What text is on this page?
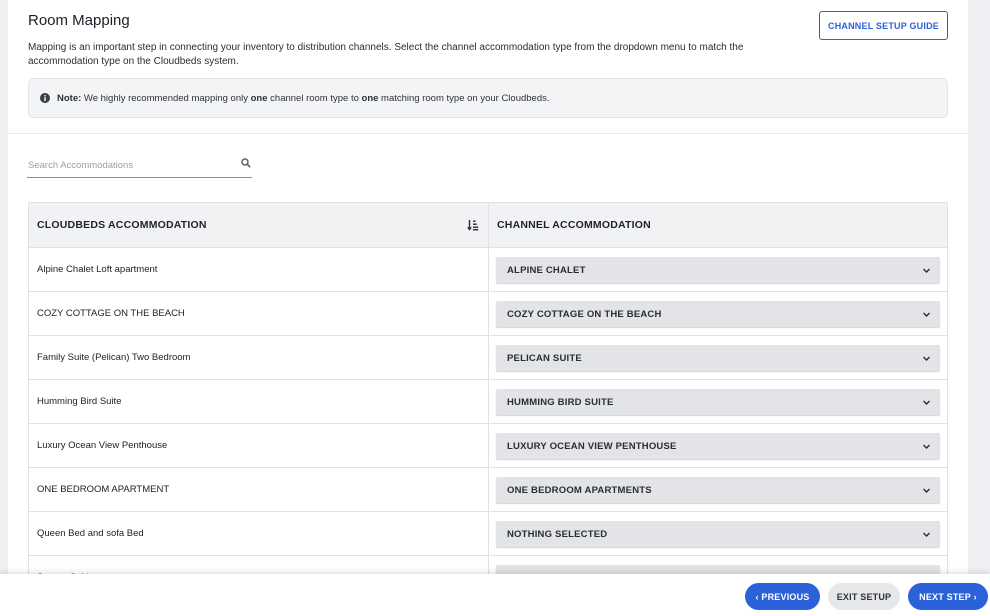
Room Mapping
Mapping is an important step in connecting your inventory to distribution channels. Select the channel accommodation type from the dropdown menu to match the accommodation type on the Cloudbeds system.
CHANNEL SETUP GUIDE
Note: We highly recommended mapping only one channel room type to one matching room type on your Cloudbeds.
Search Accommodations
CLOUDBEDS ACCOMMODATION	CHANNEL ACCOMMODATION
Alpine Chalet Loft apartment	ALPINE CHALET
COZY COTTAGE ON THE BEACH	COZY COTTAGE ON THE BEACH
Family Suite (Pelican) Two Bedroom	PELICAN SUITE
Humming Bird Suite	HUMMING BIRD SUITE
Luxury Ocean View Penthouse	LUXURY OCEAN VIEW PENTHOUSE
ONE BEDROOM APARTMENT	ONE BEDROOM APARTMENTS
Queen Bed and sofa Bed	NOTHING SELECTED
‹ PREVIOUS	EXIT SETUP	NEXT STEP ›
